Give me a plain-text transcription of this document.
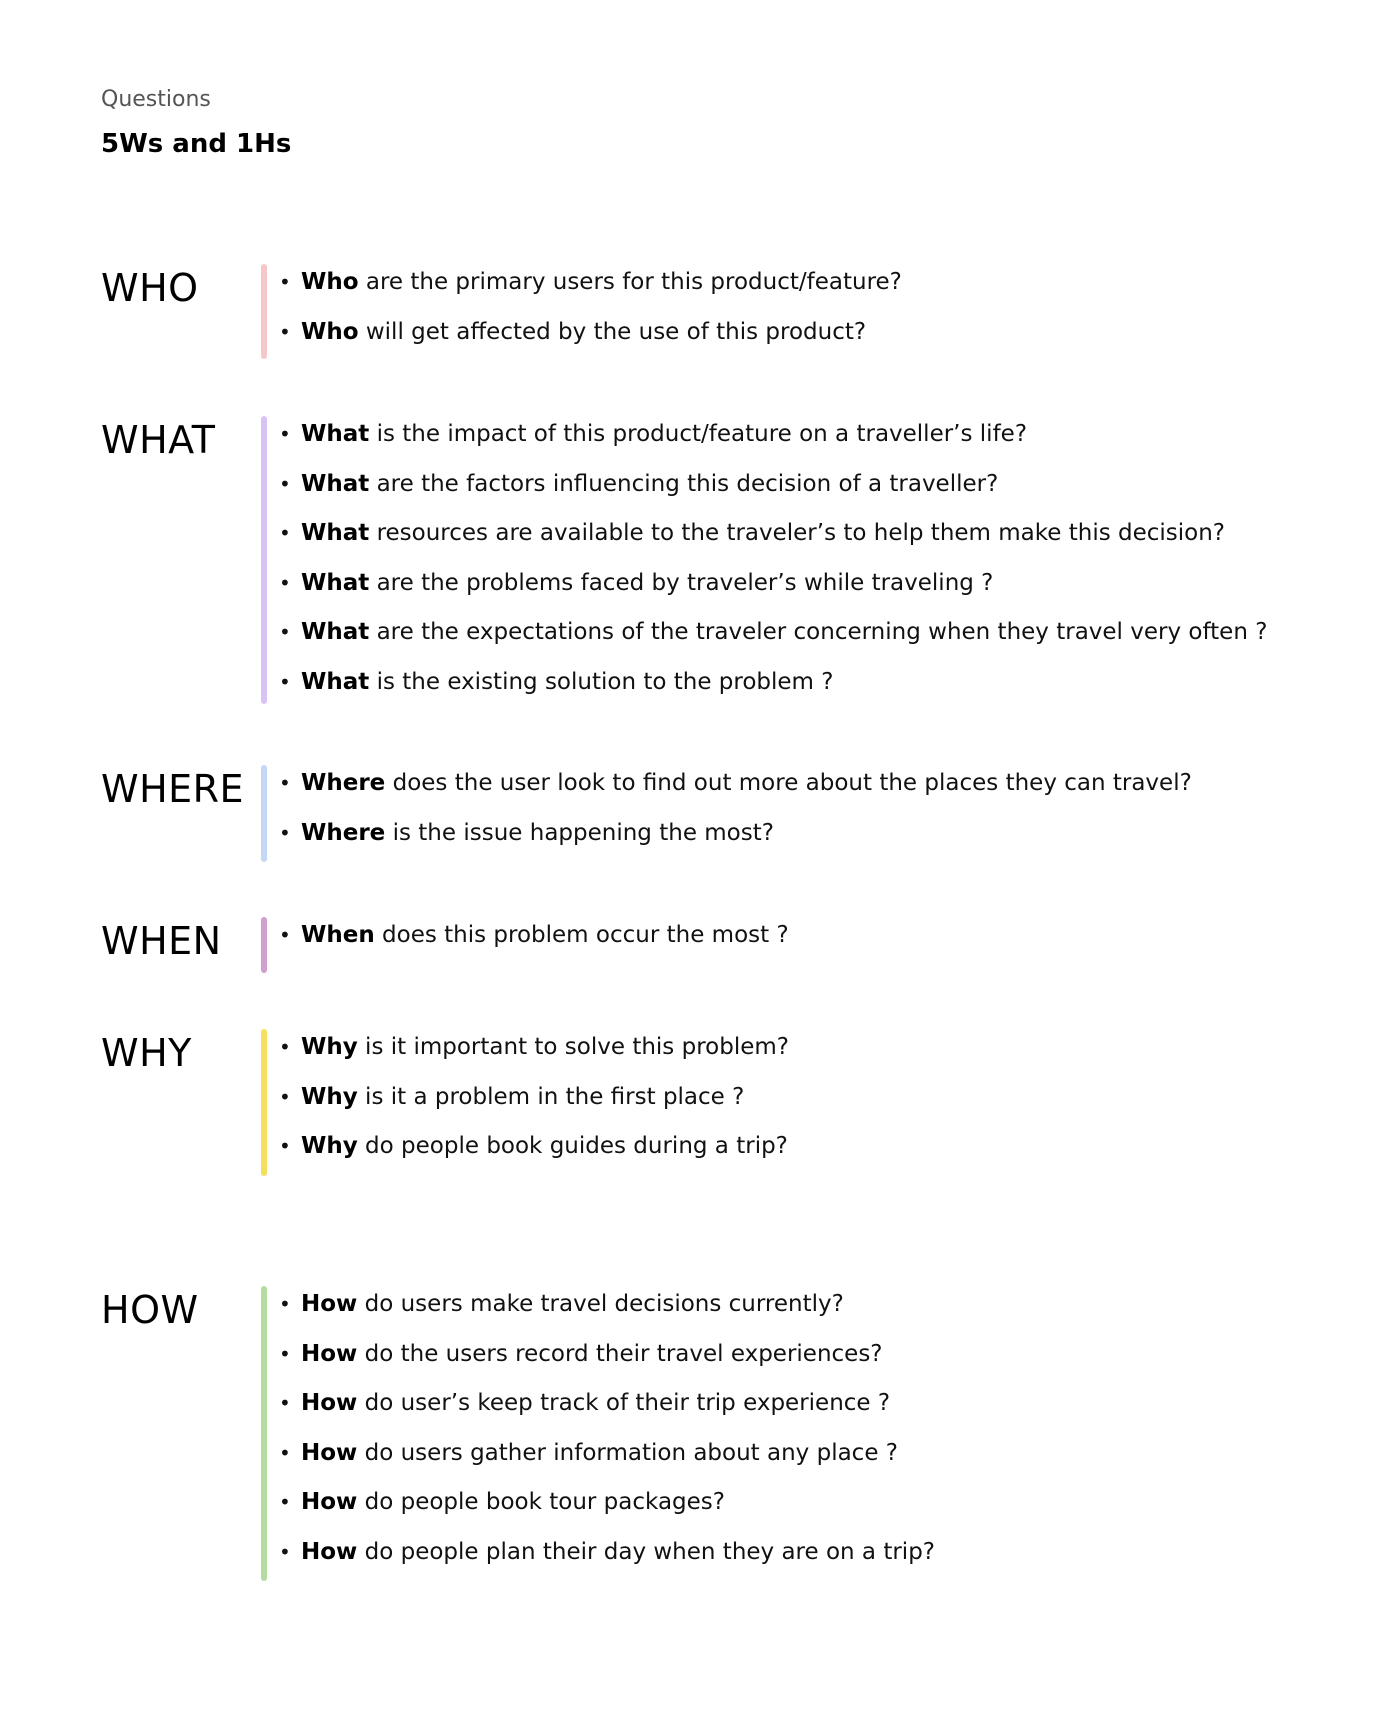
Questions
5Ws and 1Hs
WHO	• Who are the primary users for this product/feature?
• Who will get affected by the use of this product?
WHAT	• What is the impact of this product/feature on a traveller’s life?
• What are the factors influencing this decision of a traveller?
• What resources are available to the traveler’s to help them make this decision?
• What are the problems faced by traveler’s while traveling ?
• What are the expectations of the traveler concerning when they travel very often ?
• What is the existing solution to the problem ?
WHERE • Where does the user look to find out more about the places they can travel?
• Where is the issue happening the most?
WHEN	• When does this problem occur the most ?
WHY	• Why is it important to solve this problem?
• Why is it a problem in the first place ?
• Why do people book guides during a trip?
HOW	• How do users make travel decisions currently?
• How do the users record their travel experiences?
• How do user’s keep track of their trip experience ?
• How do users gather information about any place ?
• How do people book tour packages?
• How do people plan their day when they are on a trip?
